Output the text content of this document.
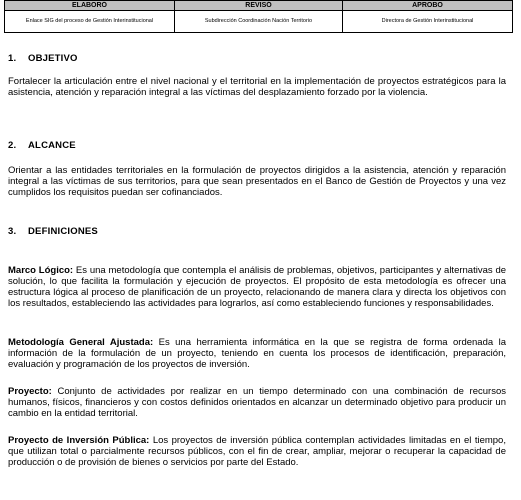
ELABORÓ	REVISÓ	APROBO
Enlace SIG del proceso de Gestión Interinstitucional	Subdirección Coordinación Nación Territorio	Directora de Gestión Interinstitucional
1. OBJETIVO

Fortalecer la articulación entre el nivel nacional y el territorial en la implementación de proyectos estratégicos para la asistencia, atención y reparación integral a las víctimas del desplazamiento forzado por la violencia.

2. ALCANCE

Orientar a las entidades territoriales en la formulación de proyectos dirigidos a la asistencia, atención y reparación integral a las víctimas de sus territorios, para que sean presentados en el Banco de Gestión de Proyectos y una vez cumplidos los requisitos puedan ser cofinanciados.

3. DEFINICIONES

Marco Lógico: Es una metodología que contempla el análisis de problemas, objetivos, participantes y alternativas de solución, lo que facilita la formulación y ejecución de proyectos. El propósito de esta metodología es ofrecer una estructura lógica al proceso de planificación de un proyecto, relacionando de manera clara y directa los objetivos con los resultados, estableciendo las actividades para lograrlos, así como estableciendo funciones y responsabilidades.

Metodología General Ajustada: Es una herramienta informática en la que se registra de forma ordenada la información de la formulación de un proyecto, teniendo en cuenta los procesos de identificación, preparación, evaluación y programación de los proyectos de inversión.

Proyecto: Conjunto de actividades por realizar en un tiempo determinado con una combinación de recursos humanos, físicos, financieros y con costos definidos orientados en alcanzar un determinado objetivo para producir un cambio en la entidad territorial.

Proyecto de Inversión Pública: Los proyectos de inversión pública contemplan actividades limitadas en el tiempo, que utilizan total o parcialmente recursos públicos, con el fin de crear, ampliar, mejorar o recuperar la capacidad de producción o de provisión de bienes o servicios por parte del Estado.
